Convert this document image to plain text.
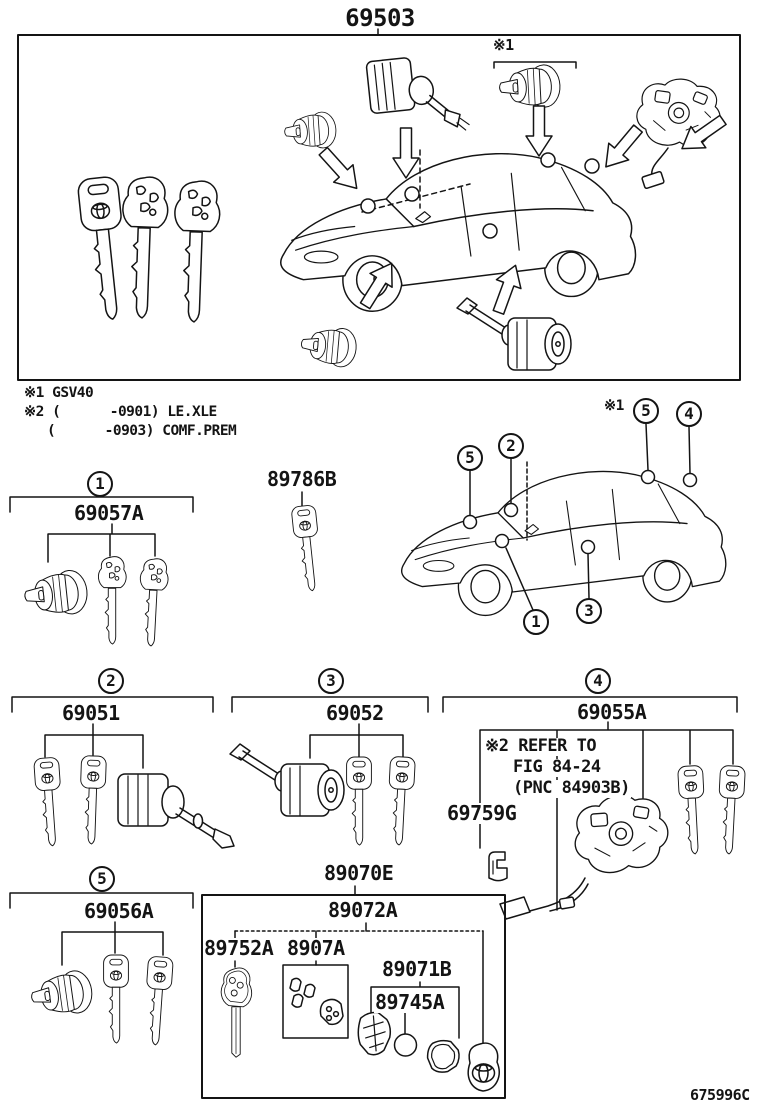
69503
※1
※1 GSV40
※2 (      -0901) LE.XLE
(      -0903) COMF.PREM
1
69057A
89786B
5
2
※1	5	4
1
3
2
69051
3
69052
4
69055A
※2 REFER TO
FIG 84-24
(PNC 84903B)
69759G
5
69056A
89070E
89072A
89752A 8907A
89071B
89745A
675996C
